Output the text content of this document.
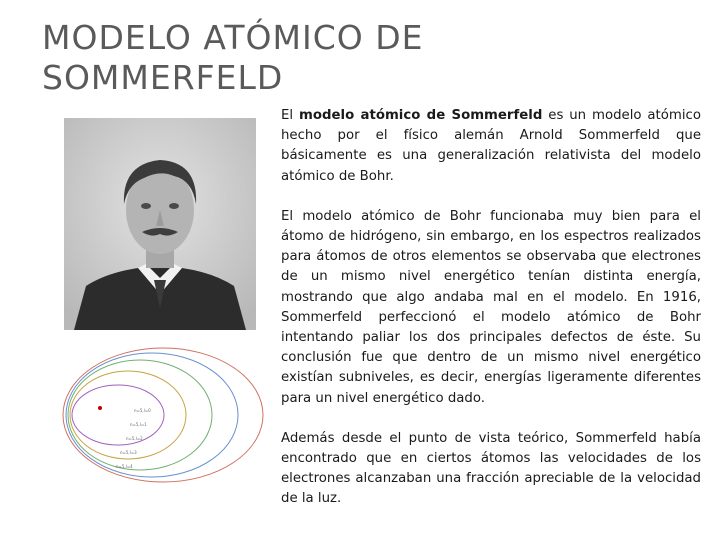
MODELO ATÓMICO DE SOMMERFELD
n=5,l=0
n=5,l=1
n=5,l=2
n=5,l=3
n=5,l=4

El modelo atómico de Sommerfeld es un modelo atómico hecho por el físico alemán Arnold Sommerfeld que básicamente es una generalización relativista del modelo atómico de Bohr.

El modelo atómico de Bohr funcionaba muy bien para el átomo de hidrógeno, sin embargo, en los espectros realizados para átomos de otros elementos se observaba que electrones de un mismo nivel energético tenían distinta energía, mostrando que algo andaba mal en el modelo. En 1916, Sommerfeld perfeccionó el modelo atómico de Bohr intentando paliar los dos principales defectos de éste. Su conclusión fue que dentro de un mismo nivel energético existían subniveles, es decir, energías ligeramente diferentes para un nivel energético dado.

Además desde el punto de vista teórico, Sommerfeld había encontrado que en ciertos átomos las velocidades de los electrones alcanzaban una fracción apreciable de la velocidad de la luz.
